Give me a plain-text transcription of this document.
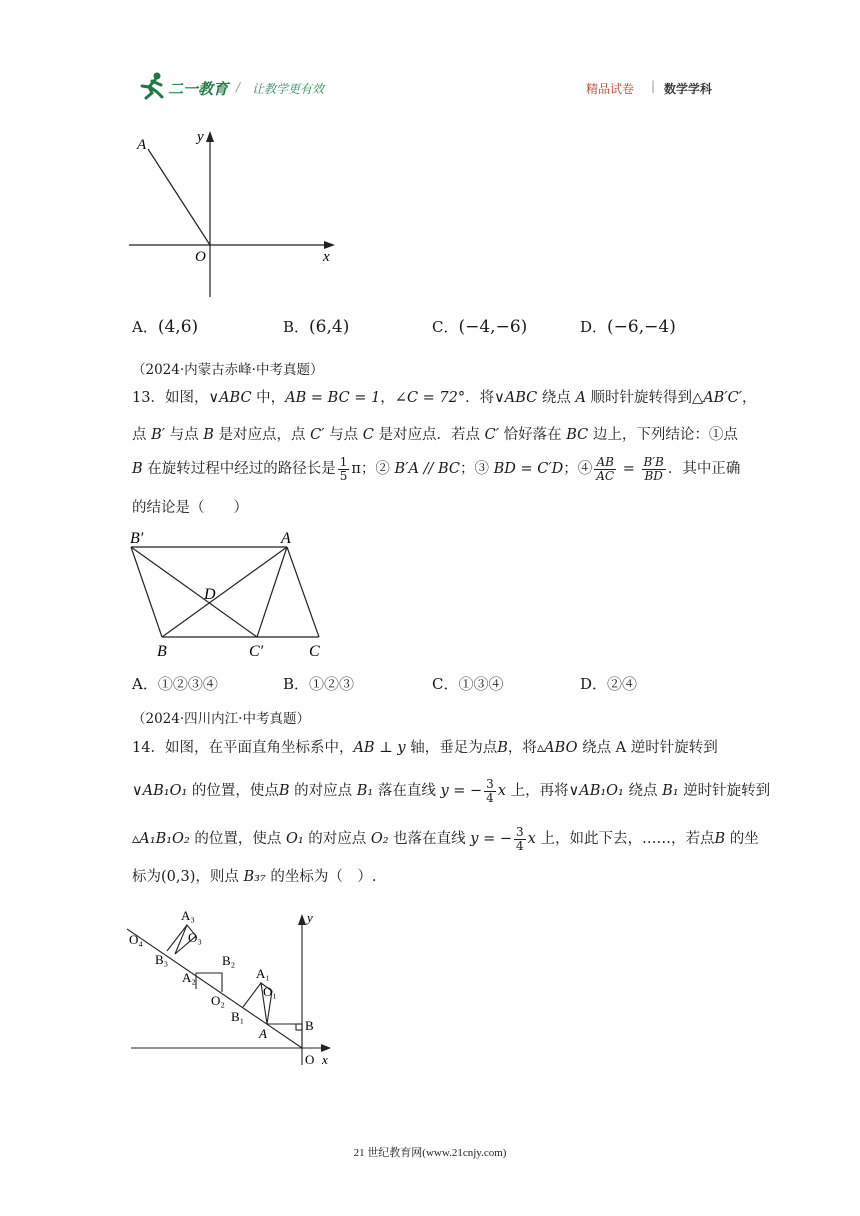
二一教育 / 让教学更有效	精品试卷 | 数学学科
A	y
O	x
A．(4,6)	B．(6,4)	C．(−4,−6)	D．(−6,−4)
（2024·内蒙古赤峰·中考真题）
13．如图，∨ABC 中，AB = BC = 1，∠C = 72°．将∨ABC 绕点 A 顺时针旋转得到△AB′C′，
点 B′ 与点 B 是对应点，点 C′ 与点 C 是对应点．若点 C′ 恰好落在 BC 边上，下列结论：①点
B 在旋转过程中经过的路径长是 $\frac{1}{5}$ π；② B′A // BC；③ BD = C′D；④ $\frac{AB}{AC} = \frac{B'B}{BD}$ ．其中正确
的结论是（　　）
B′	A
D
B	C′	C
A．①②③④	B．①②③	C．①③④	D．②④
（2024·四川内江·中考真题）
14．如图，在平面直角坐标系中，AB ⊥ y 轴，垂足为点B，将▵ABO 绕点 A 逆时针旋转到
∨AB₁O₁ 的位置，使点B 的对应点 B₁ 落在直线 y = − $\frac{3}{4}$ x 上，再将∨AB₁O₁ 绕点 B₁ 逆时针旋转到
▵A₁B₁O₂ 的位置，使点 O₁ 的对应点 O₂ 也落在直线 y = − $\frac{3}{4}$ x 上，如此下去，……，若点B 的坐
标为(0,3)，则点 B₃₇ 的坐标为（　）.
A₃
O₄	O₃
B₃	B₂
A₂	A₁
O₁
O₂
B₁
A
B
O x
y
21 世纪教育网(www.21cnjy.com)
